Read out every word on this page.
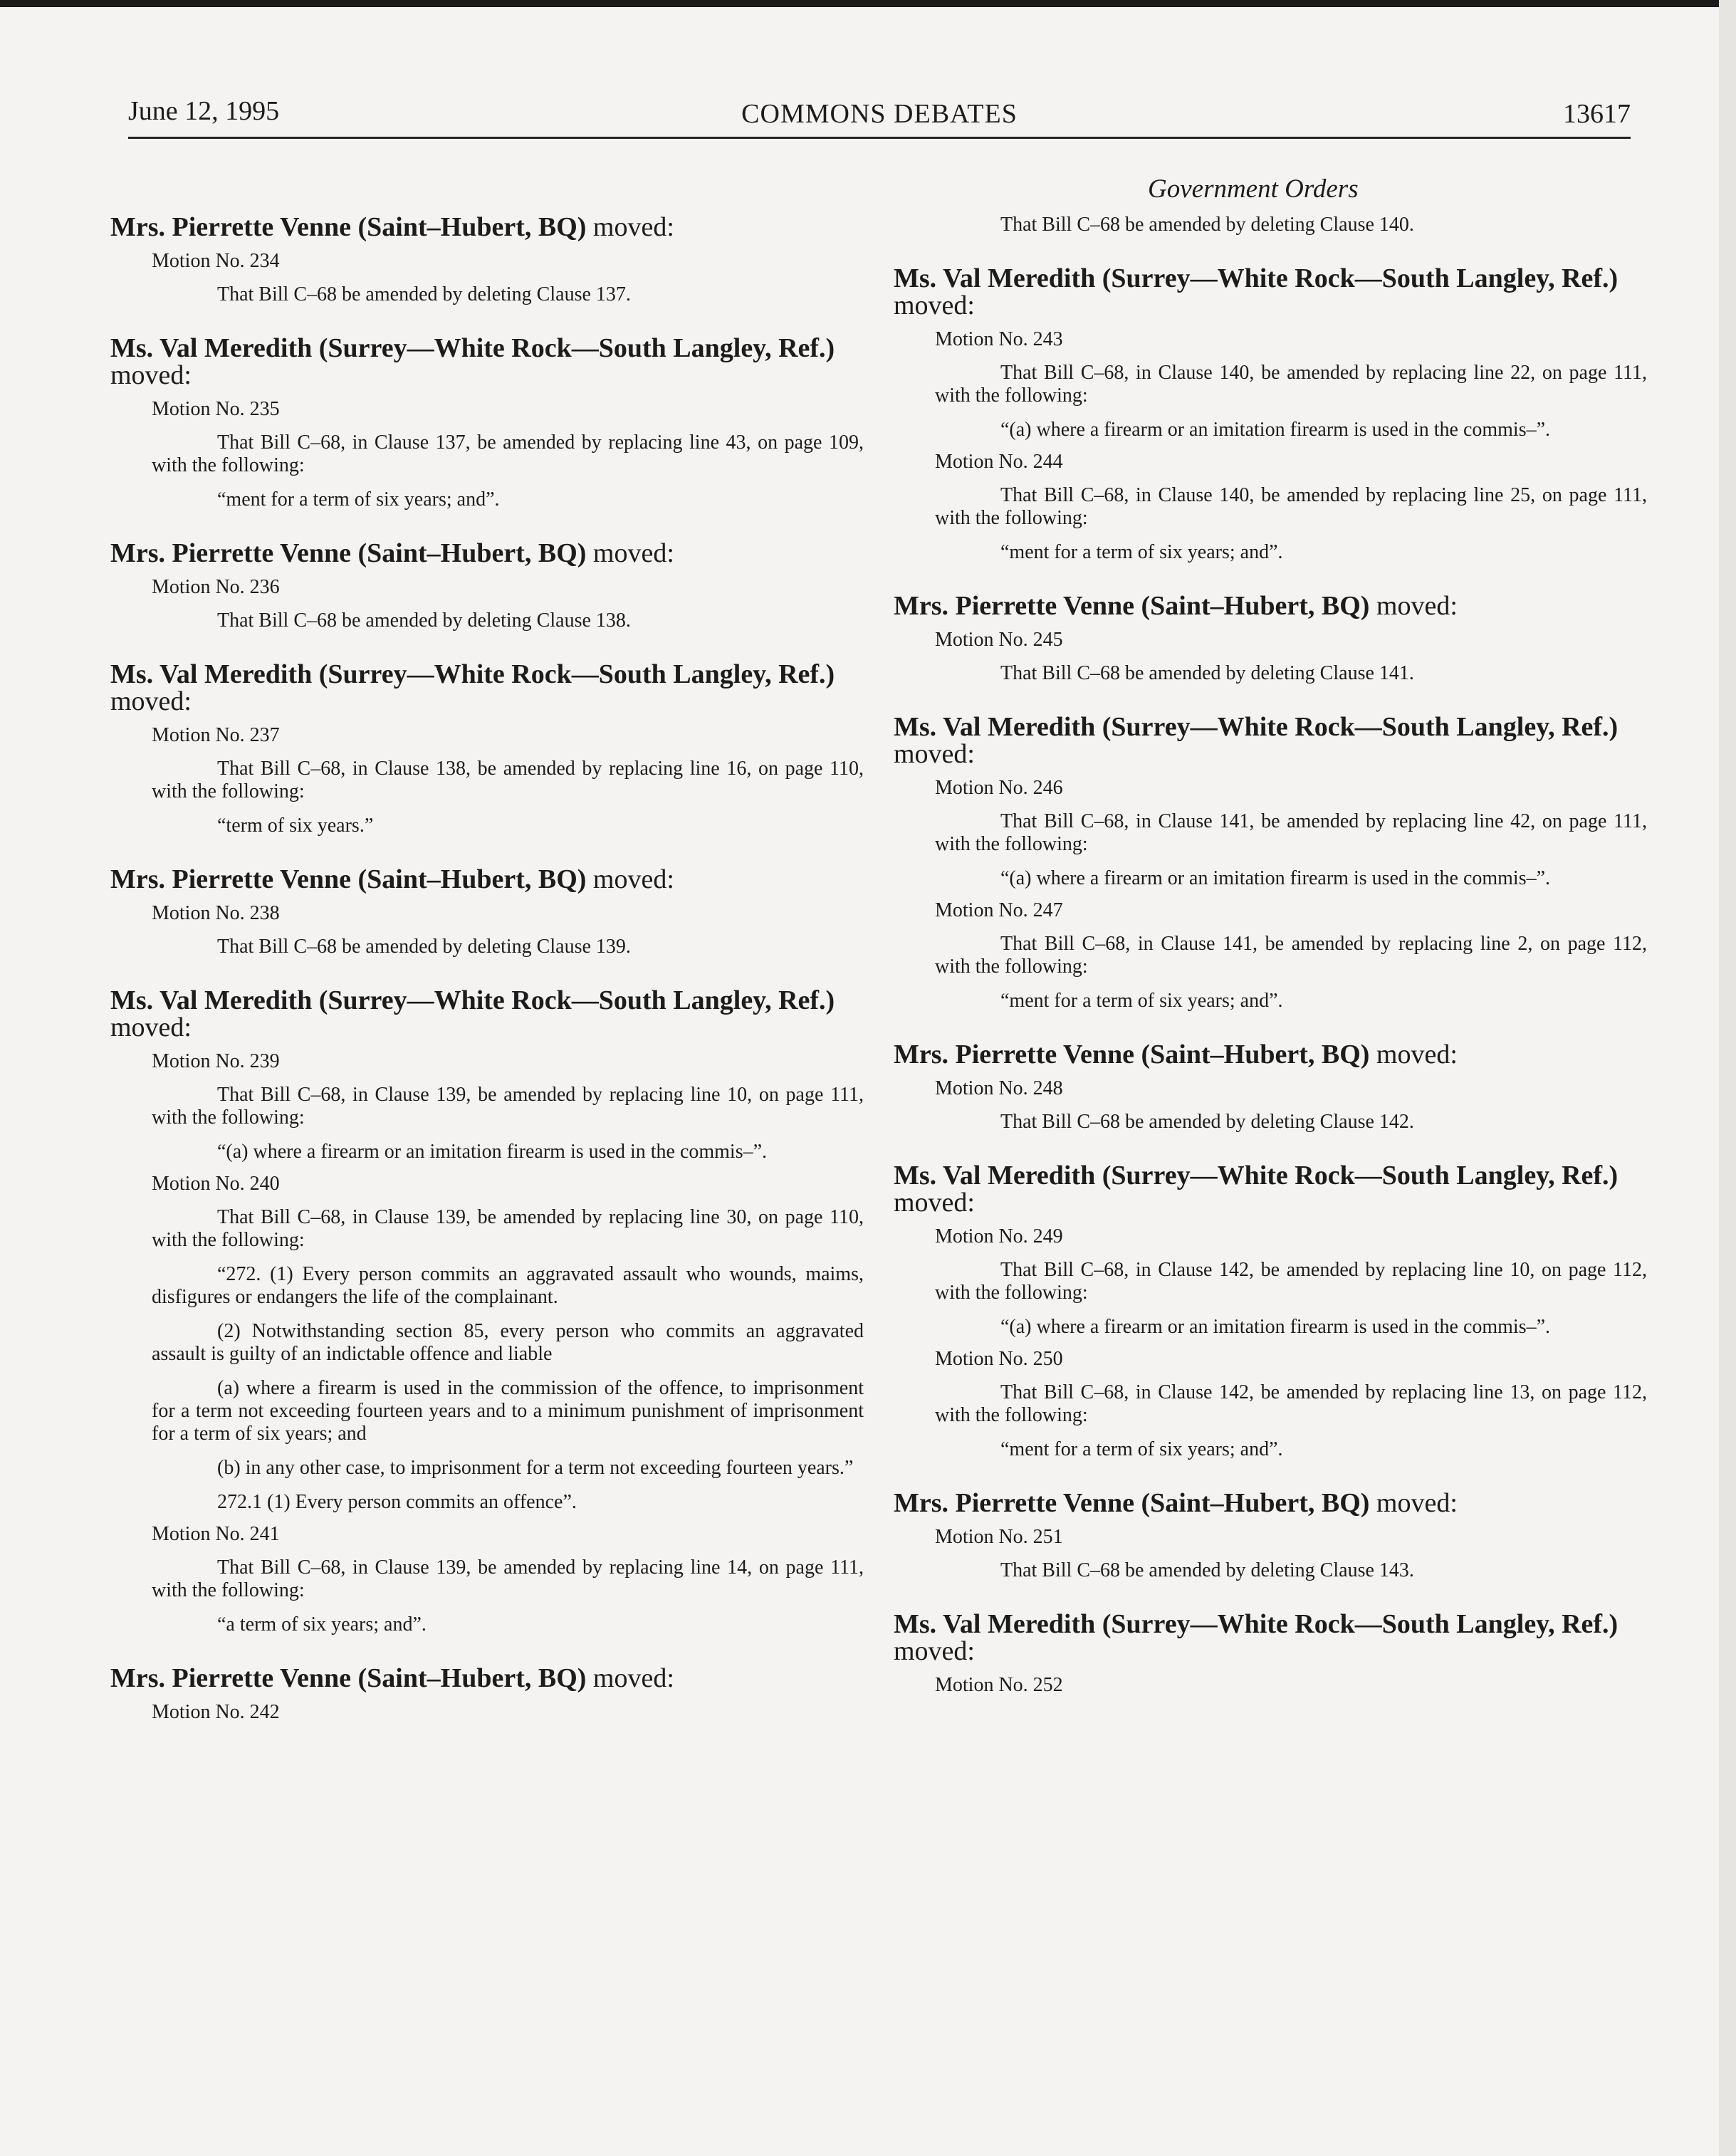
June 12, 1995	COMMONS DEBATES	13617
Government Orders
Mrs. Pierrette Venne (Saint–Hubert, BQ) moved:
Motion No. 234
That Bill C–68 be amended by deleting Clause 137.
Ms. Val Meredith (Surrey—White Rock—South Langley, Ref.) moved:
Motion No. 235
That Bill C–68, in Clause 137, be amended by replacing line 43, on page 109, with the following:
“ment for a term of six years; and”.
Mrs. Pierrette Venne (Saint–Hubert, BQ) moved:
Motion No. 236
That Bill C–68 be amended by deleting Clause 138.
Ms. Val Meredith (Surrey—White Rock—South Langley, Ref.) moved:
Motion No. 237
That Bill C–68, in Clause 138, be amended by replacing line 16, on page 110, with the following:
“term of six years.”
Mrs. Pierrette Venne (Saint–Hubert, BQ) moved:
Motion No. 238
That Bill C–68 be amended by deleting Clause 139.
Ms. Val Meredith (Surrey—White Rock—South Langley, Ref.) moved:
Motion No. 239
That Bill C–68, in Clause 139, be amended by replacing line 10, on page 111, with the following:
“(a) where a firearm or an imitation firearm is used in the commis–”.
Motion No. 240
That Bill C–68, in Clause 139, be amended by replacing line 30, on page 110, with the following:
“272. (1) Every person commits an aggravated assault who wounds, maims, disfigures or endangers the life of the complainant.
(2) Notwithstanding section 85, every person who commits an aggravated assault is guilty of an indictable offence and liable
(a) where a firearm is used in the commission of the offence, to imprisonment for a term not exceeding fourteen years and to a minimum punishment of imprisonment for a term of six years; and
(b) in any other case, to imprisonment for a term not exceeding fourteen years.”
272.1 (1) Every person commits an offence”.
Motion No. 241
That Bill C–68, in Clause 139, be amended by replacing line 14, on page 111, with the following:
“a term of six years; and”.
Mrs. Pierrette Venne (Saint–Hubert, BQ) moved:
Motion No. 242
That Bill C–68 be amended by deleting Clause 140.
Ms. Val Meredith (Surrey—White Rock—South Langley, Ref.) moved:
Motion No. 243
That Bill C–68, in Clause 140, be amended by replacing line 22, on page 111, with the following:
“(a) where a firearm or an imitation firearm is used in the commis–”.
Motion No. 244
That Bill C–68, in Clause 140, be amended by replacing line 25, on page 111, with the following:
“ment for a term of six years; and”.
Mrs. Pierrette Venne (Saint–Hubert, BQ) moved:
Motion No. 245
That Bill C–68 be amended by deleting Clause 141.
Ms. Val Meredith (Surrey—White Rock—South Langley, Ref.) moved:
Motion No. 246
That Bill C–68, in Clause 141, be amended by replacing line 42, on page 111, with the following:
“(a) where a firearm or an imitation firearm is used in the commis–”.
Motion No. 247
That Bill C–68, in Clause 141, be amended by replacing line 2, on page 112, with the following:
“ment for a term of six years; and”.
Mrs. Pierrette Venne (Saint–Hubert, BQ) moved:
Motion No. 248
That Bill C–68 be amended by deleting Clause 142.
Ms. Val Meredith (Surrey—White Rock—South Langley, Ref.) moved:
Motion No. 249
That Bill C–68, in Clause 142, be amended by replacing line 10, on page 112, with the following:
“(a) where a firearm or an imitation firearm is used in the commis–”.
Motion No. 250
That Bill C–68, in Clause 142, be amended by replacing line 13, on page 112, with the following:
“ment for a term of six years; and”.
Mrs. Pierrette Venne (Saint–Hubert, BQ) moved:
Motion No. 251
That Bill C–68 be amended by deleting Clause 143.
Ms. Val Meredith (Surrey—White Rock—South Langley, Ref.) moved:
Motion No. 252
